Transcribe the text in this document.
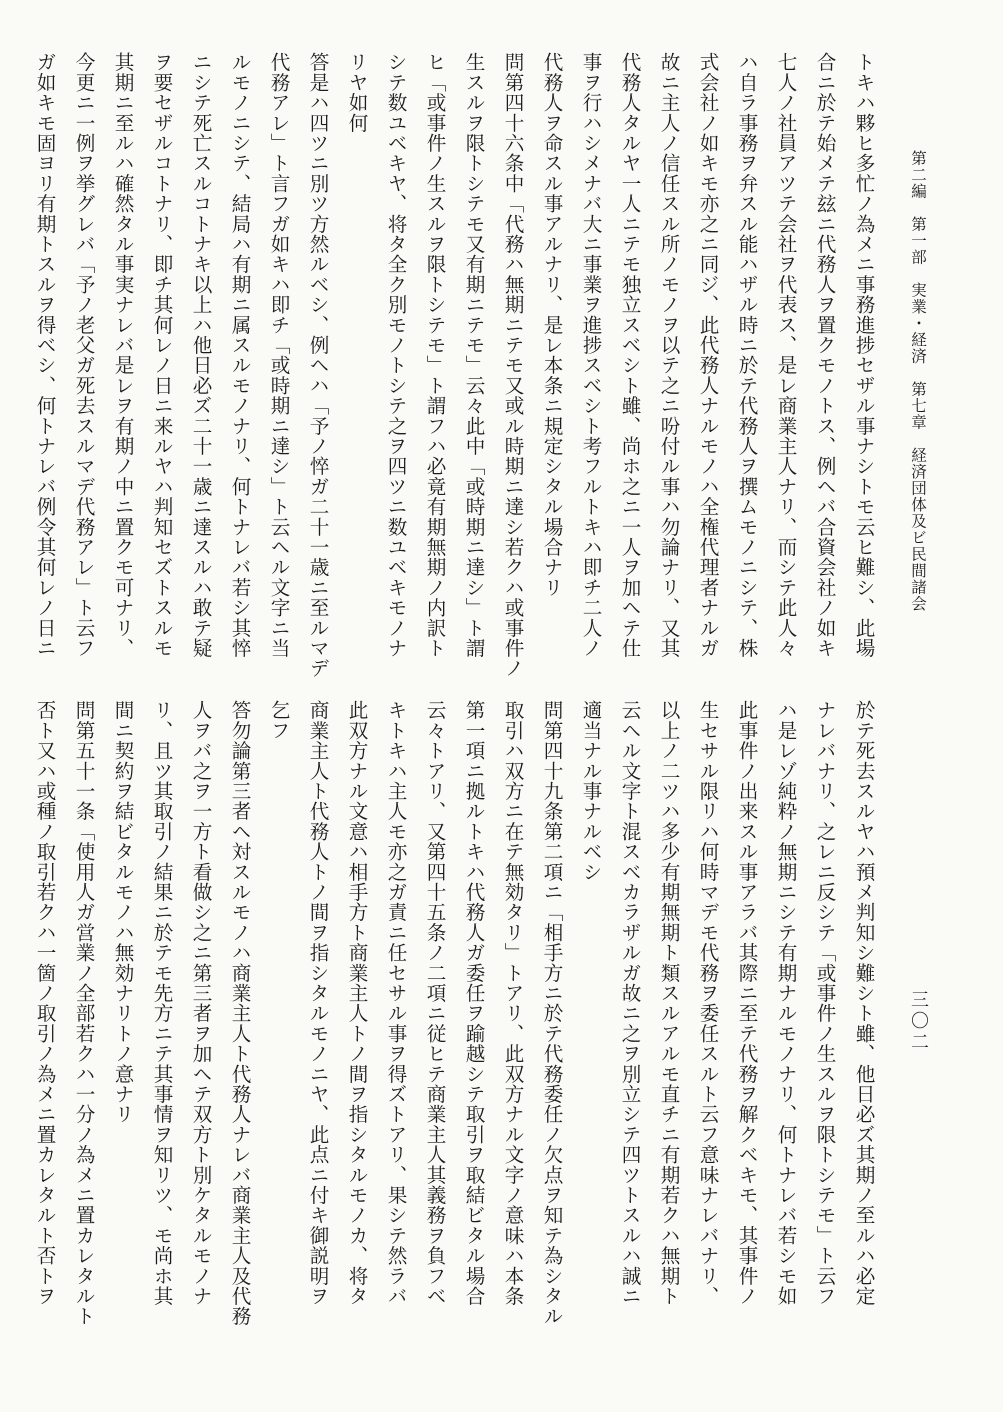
第二編　第一部　実業・経済　第七章　経済団体及ビ民間諸会
三〇二
トキハ夥ヒ多忙ノ為メニ事務進捗セザル事ナシトモ云ヒ難シ、此場
合ニ於テ始メテ玆ニ代務人ヲ置クモノトス、例ヘバ合資会社ノ如キ
七人ノ社員アツテ会社ヲ代表ス、是レ商業主人ナリ、而シテ此人々
ハ自ラ事務ヲ弁スル能ハザル時ニ於テ代務人ヲ撰ムモノニシテ、株
式会社ノ如キモ亦之ニ同ジ、此代務人ナルモノハ全権代理者ナルガ
故ニ主人ノ信任スル所ノモノヲ以テ之ニ吩付ル事ハ勿論ナリ、又其
代務人タルヤ一人ニテモ独立スベシト雖、尚ホ之ニ一人ヲ加ヘテ仕
事ヲ行ハシメナバ大ニ事業ヲ進捗スベシト考フルトキハ即チ二人ノ
代務人ヲ命スル事アルナリ、是レ本条ニ規定シタル場合ナリ
問第四十六条中「代務ハ無期ニテモ又或ル時期ニ達シ若クハ或事件ノ
生スルヲ限トシテモ又有期ニテモ」云々此中「或時期ニ達シ」ト謂
ヒ「或事件ノ生スルヲ限トシテモ」ト謂フハ必竟有期無期ノ内訳ト
シテ数ユベキヤ、将タ全ク別モノトシテ之ヲ四ツニ数ユベキモノナ
リヤ如何
答是ハ四ツニ別ツ方然ルベシ、例ヘハ「予ノ悴ガ二十一歳ニ至ルマデ
代務アレ」ト言フガ如キハ即チ「或時期ニ達シ」ト云ヘル文字ニ当
ルモノニシテ、結局ハ有期ニ属スルモノナリ、何トナレバ若シ其悴
ニシテ死亡スルコトナキ以上ハ他日必ズ二十一歳ニ達スルハ敢テ疑
ヲ要セザルコトナリ、即チ其何レノ日ニ来ルヤハ判知セズトスルモ
其期ニ至ルハ確然タル事実ナレバ是レヲ有期ノ中ニ置クモ可ナリ、
今更ニ一例ヲ挙グレバ「予ノ老父ガ死去スルマデ代務アレ」ト云フ
ガ如キモ固ヨリ有期トスルヲ得ベシ、何トナレバ例令其何レノ日ニ
於テ死去スルヤハ預メ判知シ難シト雖、他日必ズ其期ノ至ルハ必定
ナレバナリ、之レニ反シテ「或事件ノ生スルヲ限トシテモ」ト云フ
ハ是レゾ純粋ノ無期ニシテ有期ナルモノナリ、何トナレバ若シモ如
此事件ノ出来スル事アラバ其際ニ至テ代務ヲ解クベキモ、其事件ノ
生セサル限リハ何時マデモ代務ヲ委任スルト云フ意味ナレバナリ、
以上ノ二ツハ多少有期無期ト類スルアルモ直チニ有期若クハ無期ト
云ヘル文字ト混スベカラザルガ故ニ之ヲ別立シテ四ツトスルハ誠ニ
適当ナル事ナルベシ
問第四十九条第二項ニ「相手方ニ於テ代務委任ノ欠点ヲ知テ為シタル
取引ハ双方ニ在テ無効タリ」トアリ、此双方ナル文字ノ意味ハ本条
第一項ニ拠ルトキハ代務人ガ委任ヲ踰越シテ取引ヲ取結ビタル場合
云々トアリ、又第四十五条ノ二項ニ従ヒテ商業主人其義務ヲ負フベ
キトキハ主人モ亦之ガ責ニ任セサル事ヲ得ズトアリ、果シテ然ラバ
此双方ナル文意ハ相手方ト商業主人トノ間ヲ指シタルモノカ、将タ
商業主人ト代務人トノ間ヲ指シタルモノニヤ、此点ニ付キ御説明ヲ
乞フ
答勿論第三者ヘ対スルモノハ商業主人ト代務人ナレバ商業主人及代務
人ヲバ之ヲ一方ト看做シ之ニ第三者ヲ加ヘテ双方ト別ケタルモノナ
リ、且ツ其取引ノ結果ニ於テモ先方ニテ其事情ヲ知リツ、モ尚ホ其
間ニ契約ヲ結ビタルモノハ無効ナリトノ意ナリ
問第五十一条「使用人ガ営業ノ全部若クハ一分ノ為メニ置カレタルト
否ト又ハ或種ノ取引若クハ一箇ノ取引ノ為メニ置カレタルト否トヲ
